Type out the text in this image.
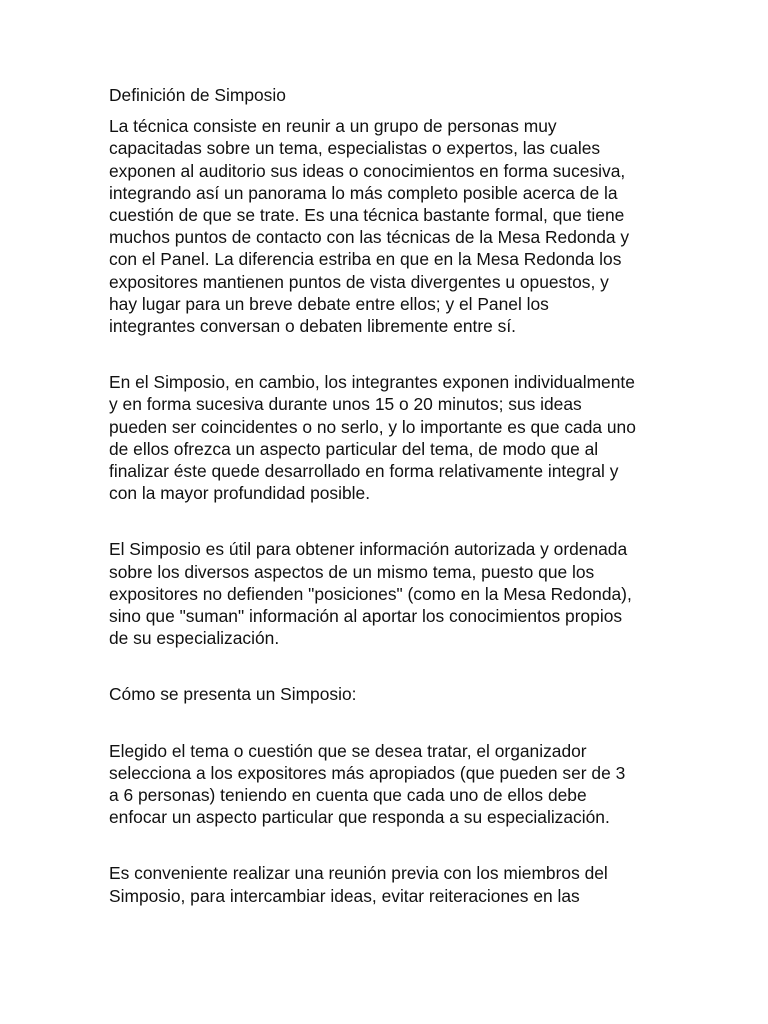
Definición de Simposio
La técnica consiste en reunir a un grupo de personas muy
capacitadas sobre un tema, especialistas o expertos, las cuales
exponen al auditorio sus ideas o conocimientos en forma sucesiva,
integrando así un panorama lo más completo posible acerca de la
cuestión de que se trate. Es una técnica bastante formal, que tiene
muchos puntos de contacto con las técnicas de la Mesa Redonda y
con el Panel. La diferencia estriba en que en la Mesa Redonda los
expositores mantienen puntos de vista divergentes u opuestos, y
hay lugar para un breve debate entre ellos; y el Panel los
integrantes conversan o debaten libremente entre sí.
En el Simposio, en cambio, los integrantes exponen individualmente
y en forma sucesiva durante unos 15 o 20 minutos; sus ideas
pueden ser coincidentes o no serlo, y lo importante es que cada uno
de ellos ofrezca un aspecto particular del tema, de modo que al
finalizar éste quede desarrollado en forma relativamente integral y
con la mayor profundidad posible.
El Simposio es útil para obtener información autorizada y ordenada
sobre los diversos aspectos de un mismo tema, puesto que los
expositores no defienden "posiciones" (como en la Mesa Redonda),
sino que "suman" información al aportar los conocimientos propios
de su especialización.
Cómo se presenta un Simposio:
Elegido el tema o cuestión que se desea tratar, el organizador
selecciona a los expositores más apropiados (que pueden ser de 3
a 6 personas) teniendo en cuenta que cada uno de ellos debe
enfocar un aspecto particular que responda a su especialización.
Es conveniente realizar una reunión previa con los miembros del
Simposio, para intercambiar ideas, evitar reiteraciones en las
